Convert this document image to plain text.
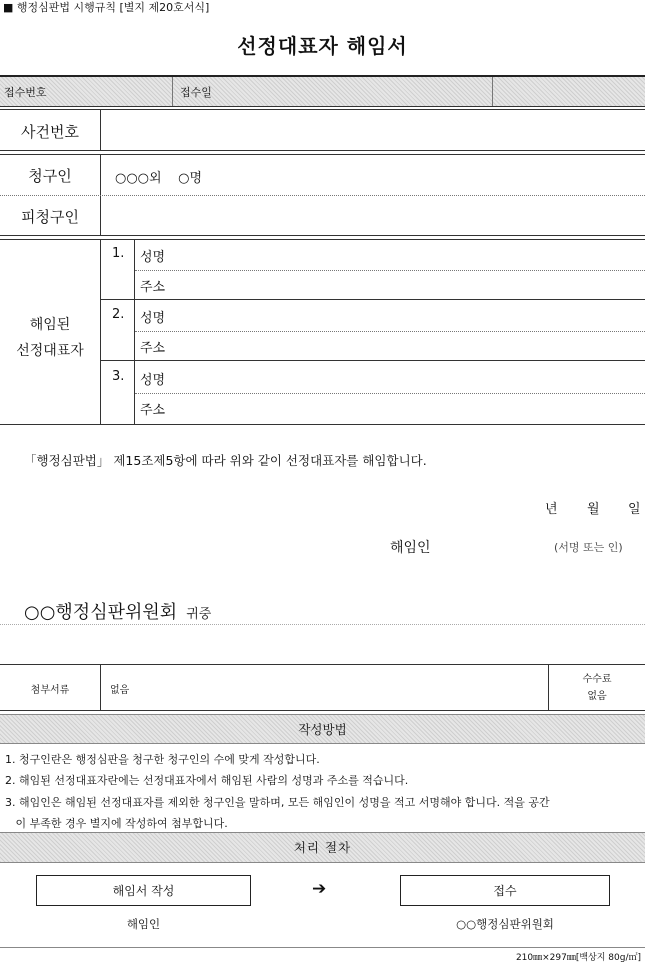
■ 행정심판법 시행규칙 [별지 제20호서식]
선정대표자 해임서
접수번호	접수일
사건번호
청구인	○○○외    ○명
피청구인
해임된
선정대표자
1. 성명
주소
2. 성명
주소
3. 성명
주소
「행정심판법」 제15조제5항에 따라 위와 같이 선정대표자를 해임합니다.
년 월 일
해임인	(서명 또는 인)
○○행정심판위원회 귀중
첨부서류	없음
수수료
없음
작성방법
1. 청구인란은 행정심판을 청구한 청구인의 수에 맞게 작성합니다.
2. 해임된 선정대표자란에는 선정대표자에서 해임된 사람의 성명과 주소를 적습니다.
3. 해임인은 해임된 선정대표자를 제외한 청구인을 말하며, 모든 해임인이 성명을 적고 서명해야 합니다. 적을 공간
이 부족한 경우 별지에 작성하여 첨부합니다.
처리 절차
해임서 작성	➔	접수
해임인	○○행정심판위원회
210㎜×297㎜[백상지 80g/㎡]
